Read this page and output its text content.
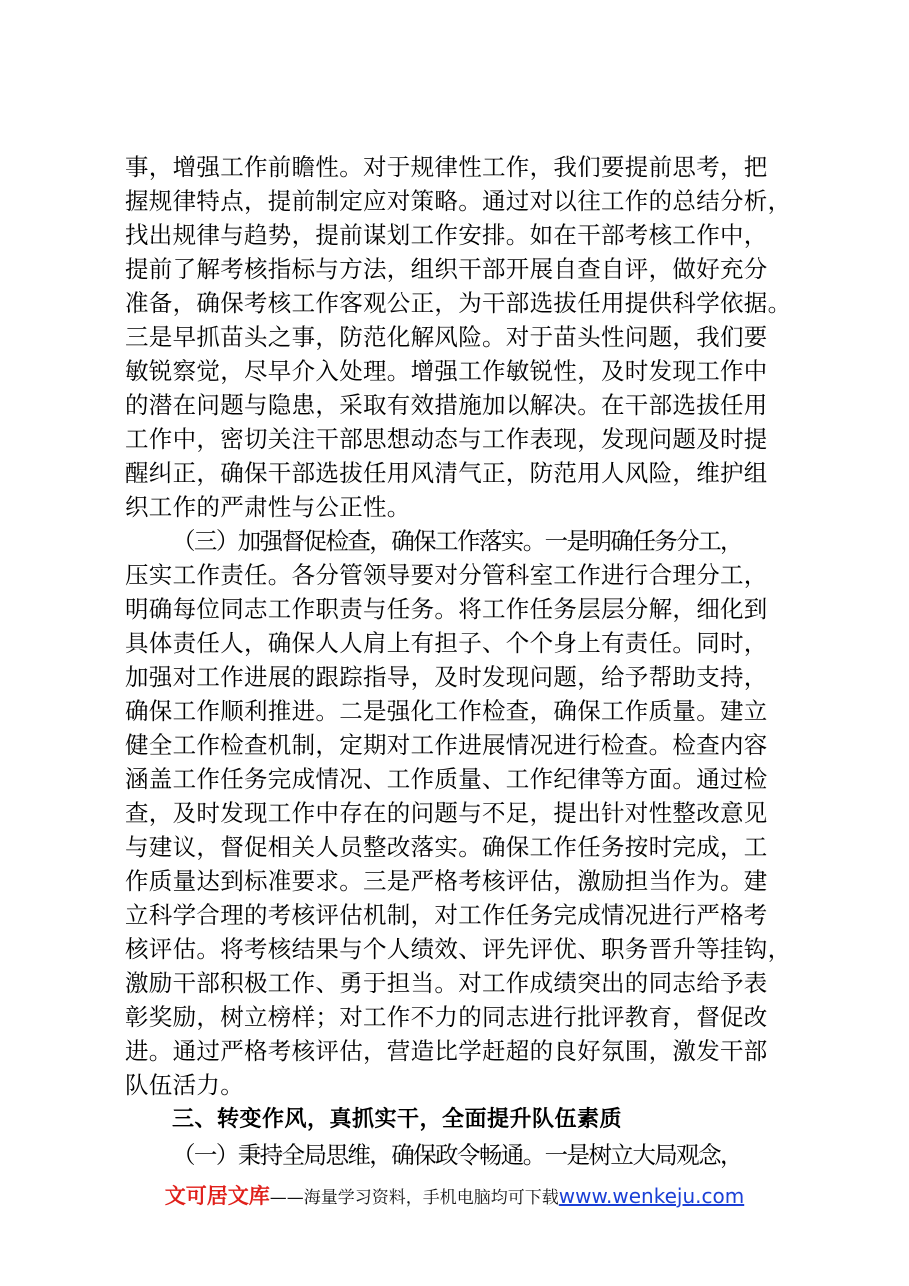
事，增强工作前瞻性。对于规律性工作，我们要提前思考，把
握规律特点，提前制定应对策略。通过对以往工作的总结分析，
找出规律与趋势，提前谋划工作安排。如在干部考核工作中，
提前了解考核指标与方法，组织干部开展自查自评，做好充分
准备，确保考核工作客观公正，为干部选拔任用提供科学依据。
三是早抓苗头之事，防范化解风险。对于苗头性问题，我们要
敏锐察觉，尽早介入处理。增强工作敏锐性，及时发现工作中
的潜在问题与隐患，采取有效措施加以解决。在干部选拔任用
工作中，密切关注干部思想动态与工作表现，发现问题及时提
醒纠正，确保干部选拔任用风清气正，防范用人风险，维护组
织工作的严肃性与公正性。
（三）加强督促检查，确保工作落实。一是明确任务分工，
压实工作责任。各分管领导要对分管科室工作进行合理分工，
明确每位同志工作职责与任务。将工作任务层层分解，细化到
具体责任人，确保人人肩上有担子、个个身上有责任。同时，
加强对工作进展的跟踪指导，及时发现问题，给予帮助支持，
确保工作顺利推进。二是强化工作检查，确保工作质量。建立
健全工作检查机制，定期对工作进展情况进行检查。检查内容
涵盖工作任务完成情况、工作质量、工作纪律等方面。通过检
查，及时发现工作中存在的问题与不足，提出针对性整改意见
与建议，督促相关人员整改落实。确保工作任务按时完成，工
作质量达到标准要求。三是严格考核评估，激励担当作为。建
立科学合理的考核评估机制，对工作任务完成情况进行严格考
核评估。将考核结果与个人绩效、评先评优、职务晋升等挂钩，
激励干部积极工作、勇于担当。对工作成绩突出的同志给予表
彰奖励，树立榜样；对工作不力的同志进行批评教育，督促改
进。通过严格考核评估，营造比学赶超的良好氛围，激发干部
队伍活力。
三、转变作风，真抓实干，全面提升队伍素质
（一）秉持全局思维，确保政令畅通。一是树立大局观念，
文可居文库——海量学习资料，手机电脑均可下载www.wenkeju.com
